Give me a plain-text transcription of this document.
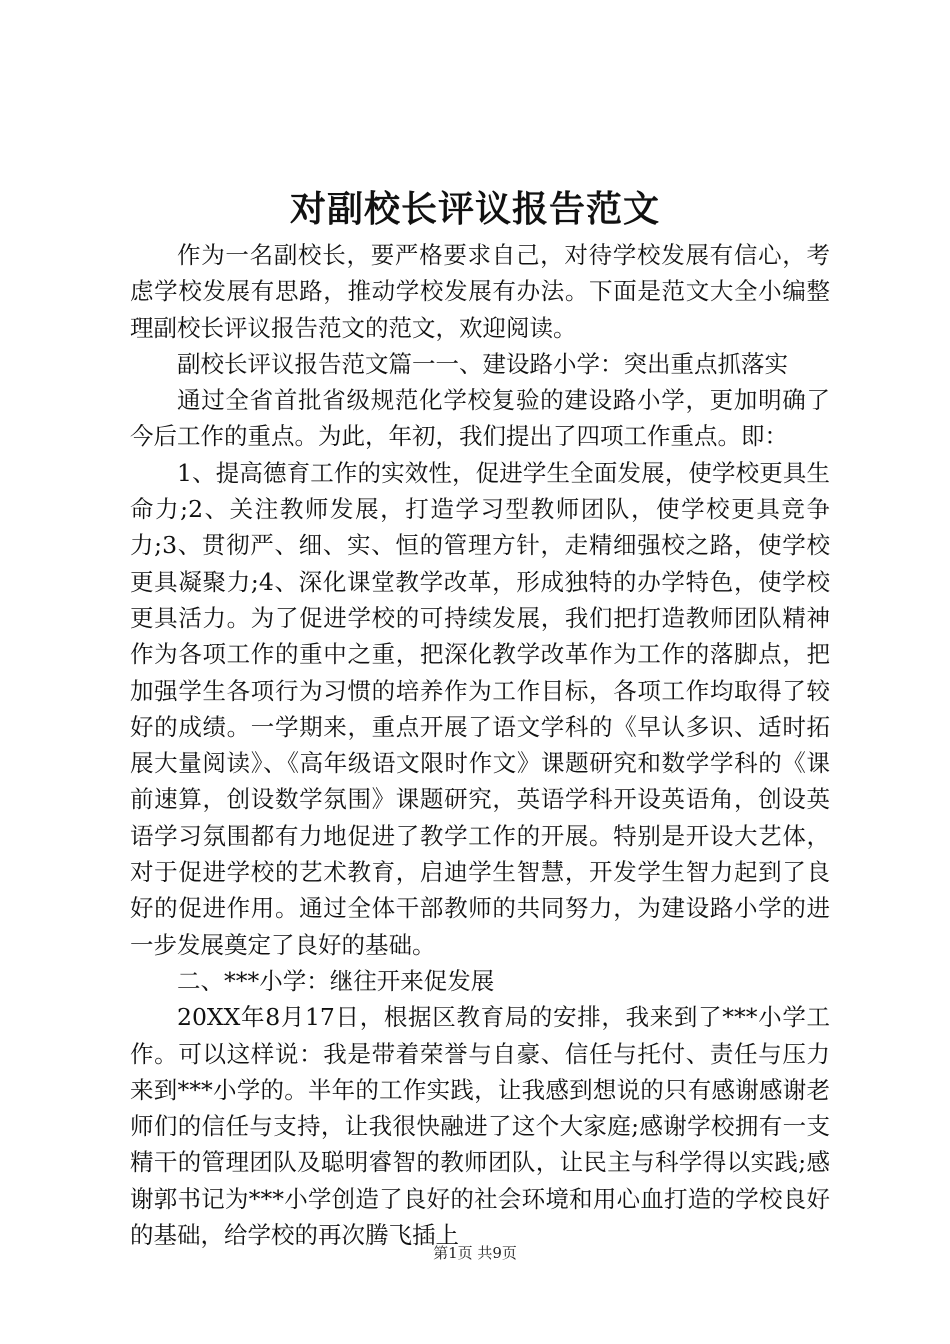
对副校长评议报告范文

作为一名副校长，要严格要求自己，对待学校发展有信心，考虑学校发展有思路，推动学校发展有办法。下面是范文大全小编整理副校长评议报告范文的范文，欢迎阅读。

副校长评议报告范文篇一一、建设路小学：突出重点抓落实

通过全省首批省级规范化学校复验的建设路小学，更加明确了今后工作的重点。为此，年初，我们提出了四项工作重点。即：

1、提高德育工作的实效性，促进学生全面发展，使学校更具生命力;2、关注教师发展，打造学习型教师团队，使学校更具竞争力;3、贯彻严、细、实、恒的管理方针，走精细强校之路，使学校更具凝聚力;4、深化课堂教学改革，形成独特的办学特色，使学校更具活力。为了促进学校的可持续发展，我们把打造教师团队精神作为各项工作的重中之重，把深化教学改革作为工作的落脚点，把加强学生各项行为习惯的培养作为工作目标，各项工作均取得了较好的成绩。一学期来，重点开展了语文学科的《早认多识、适时拓展大量阅读》、《高年级语文限时作文》课题研究和数学学科的《课前速算，创设数学氛围》课题研究，英语学科开设英语角，创设英语学习氛围都有力地促进了教学工作的开展。特别是开设大艺体，对于促进学校的艺术教育，启迪学生智慧，开发学生智力起到了良好的促进作用。通过全体干部教师的共同努力，为建设路小学的进一步发展奠定了良好的基础。

二、***小学：继往开来促发展

20XX年8月17日，根据区教育局的安排，我来到了***小学工作。可以这样说：我是带着荣誉与自豪、信任与托付、责任与压力来到***小学的。半年的工作实践，让我感到想说的只有感谢感谢老师们的信任与支持，让我很快融进了这个大家庭;感谢学校拥有一支精干的管理团队及聪明睿智的教师团队，让民主与科学得以实践;感谢郭书记为***小学创造了良好的社会环境和用心血打造的学校良好的基础，给学校的再次腾飞插上

第1页 共9页
